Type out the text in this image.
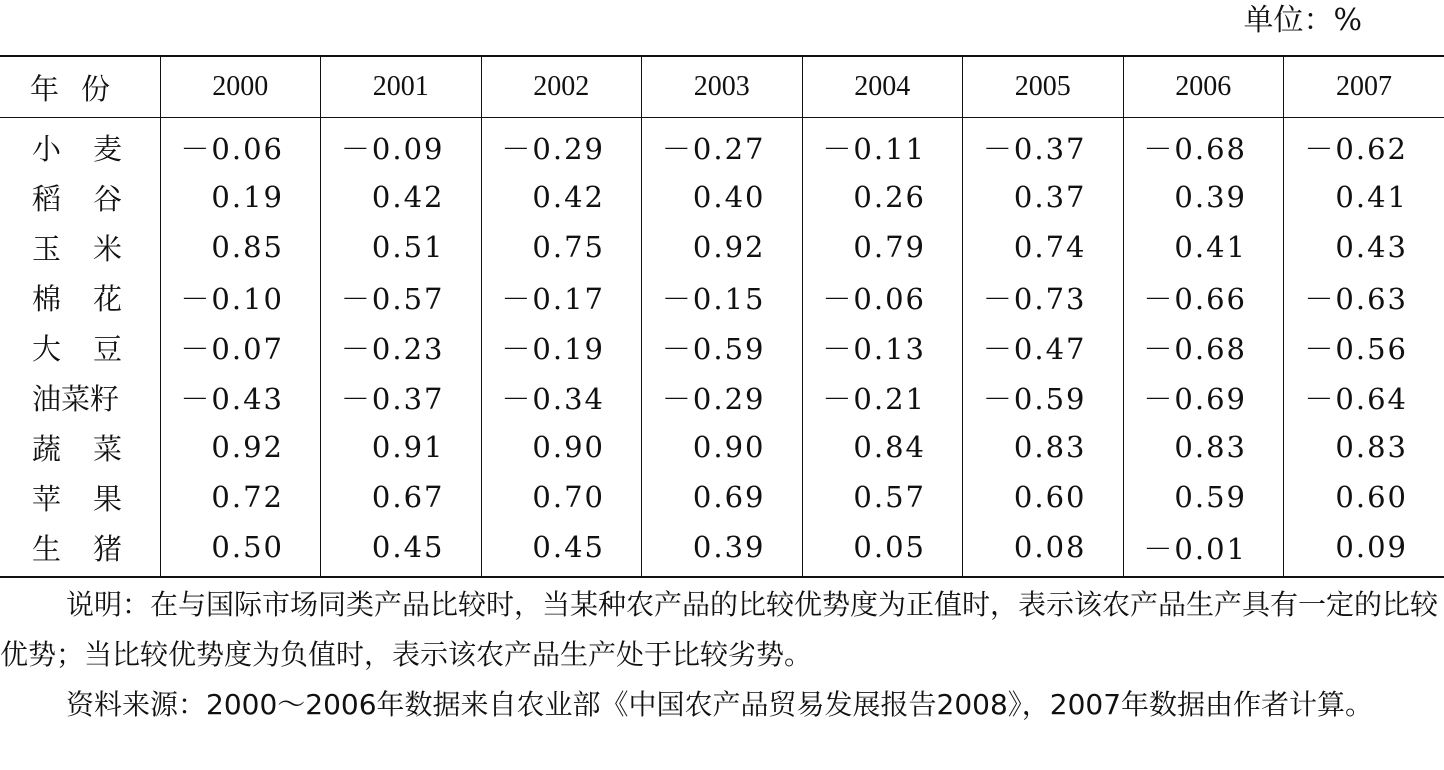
单位：%
年份	2000	2001	2002	2003	2004	2005	2006	2007
小麦	－0.06	－0.09	－0.29	－0.27	－0.11	－0.37	－0.68	－0.62
稻谷	0.19	0.42	0.42	0.40	0.26	0.37	0.39	0.41
玉米	0.85	0.51	0.75	0.92	0.79	0.74	0.41	0.43
棉花	－0.10	－0.57	－0.17	－0.15	－0.06	－0.73	－0.66	－0.63
大豆	－0.07	－0.23	－0.19	－0.59	－0.13	－0.47	－0.68	－0.56
油菜籽	－0.43	－0.37	－0.34	－0.29	－0.21	－0.59	－0.69	－0.64
蔬菜	0.92	0.91	0.90	0.90	0.84	0.83	0.83	0.83
苹果	0.72	0.67	0.70	0.69	0.57	0.60	0.59	0.60
生猪	0.50	0.45	0.45	0.39	0.05	0.08	－0.01	0.09

说明：在与国际市场同类产品比较时，当某种农产品的比较优势度为正值时，表示该农产品生产具有一定的比较优势；当比较优势度为负值时，表示该农产品生产处于比较劣势。

资料来源：2000～2006年数据来自农业部《中国农产品贸易发展报告2008》，2007年数据由作者计算。
